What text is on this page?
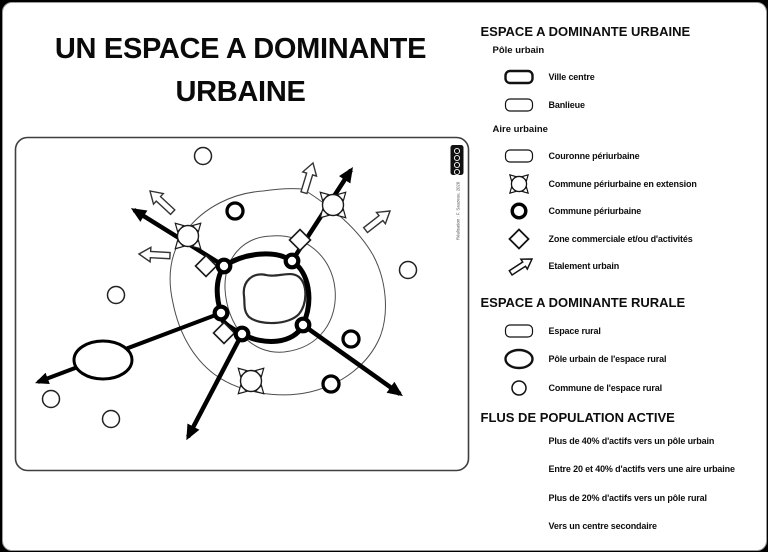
UN ESPACE A DOMINANTE
URBAINE
Réalisation : F. Sauzeau, 2020
ESPACE A DOMINANTE URBAINE
Pôle urbain
Ville centre
Banlieue
Aire urbaine
Couronne périurbaine
Commune périurbaine en extension
Commune périurbaine
Zone commerciale et/ou d'activités
Etalement urbain
ESPACE A DOMINANTE RURALE
Espace rural
Pôle urbain de l'espace rural
Commune de l'espace rural
FLUS DE POPULATION ACTIVE
Plus de 40% d'actifs vers un pôle urbain
Entre 20 et 40% d'actifs vers une aire urbaine
Plus de 20% d'actifs vers un pôle rural
Vers un centre secondaire
